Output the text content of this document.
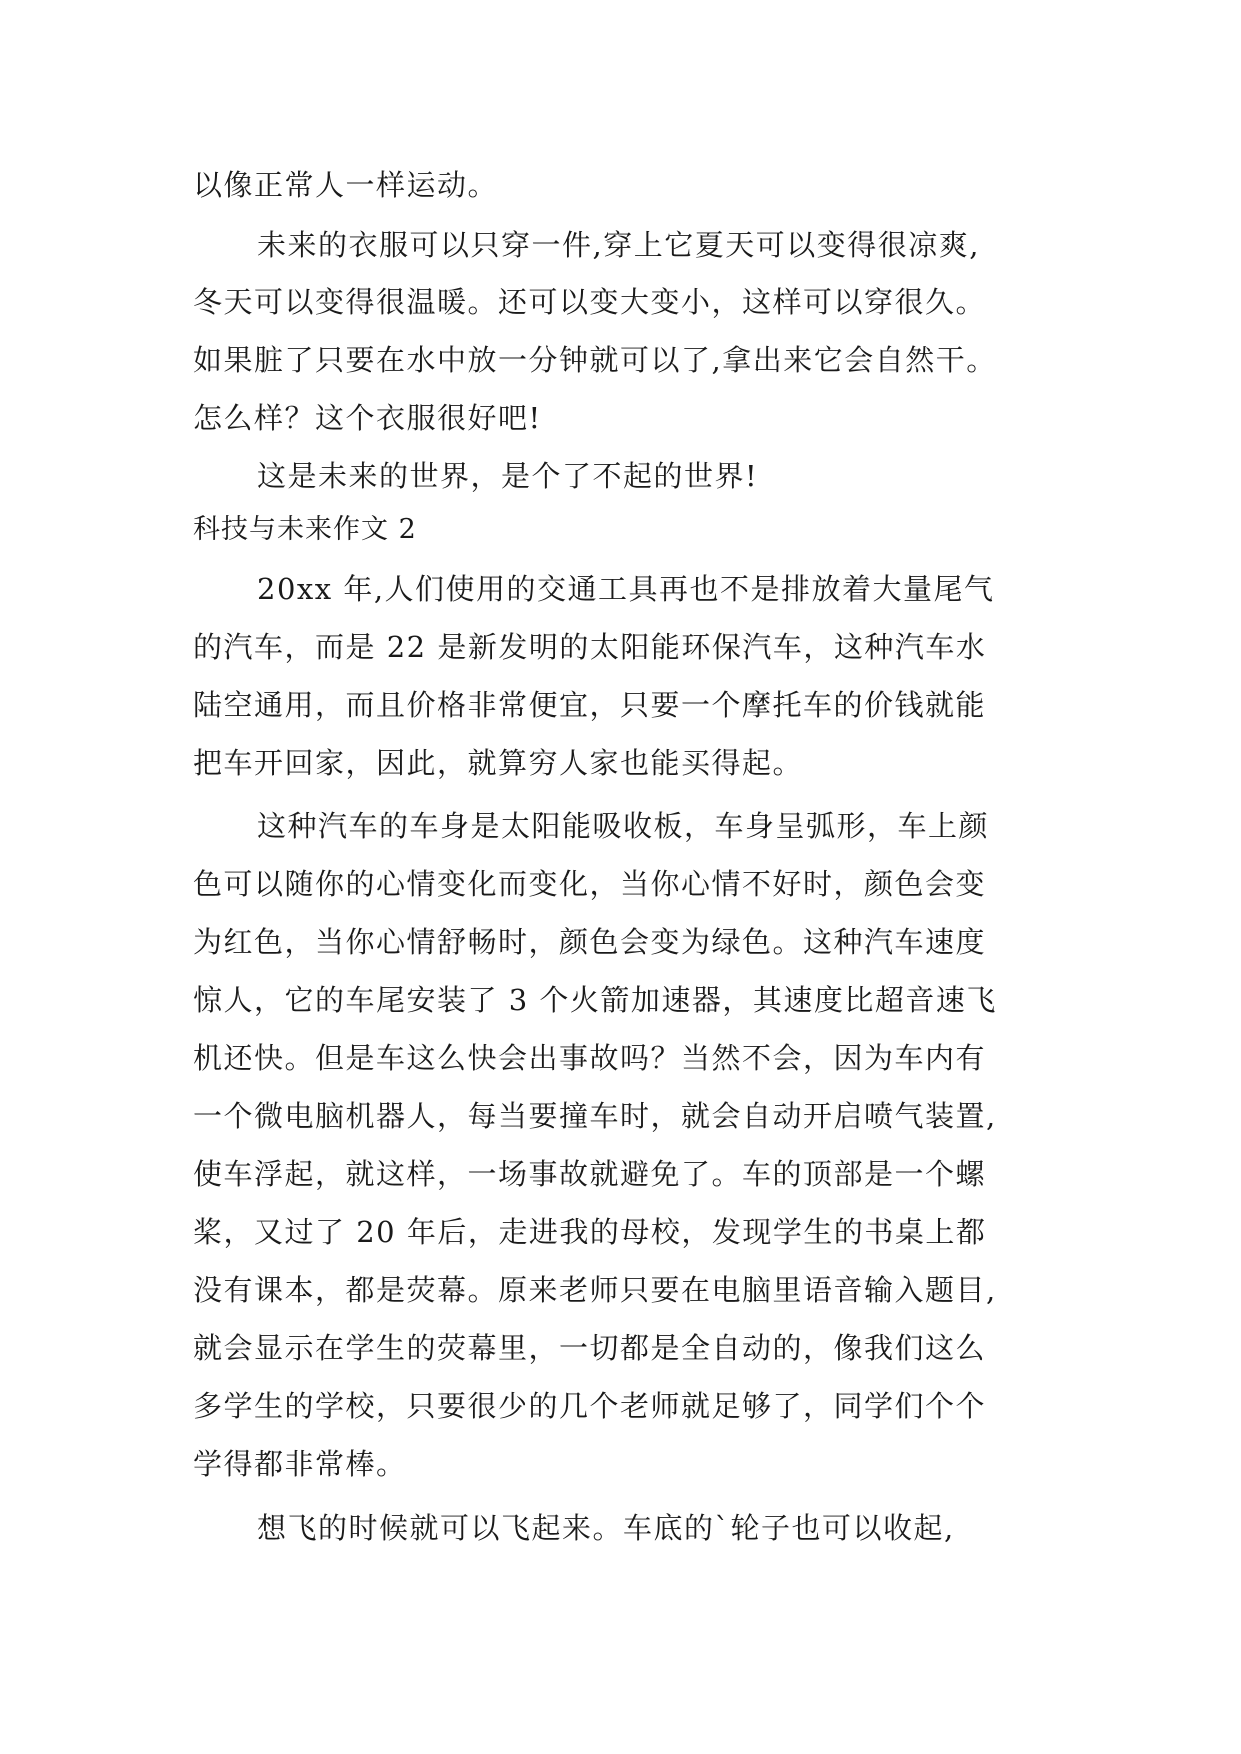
以像正常人一样运动。
未来的衣服可以只穿一件,穿上它夏天可以变得很凉爽,
冬天可以变得很温暖。还可以变大变小，这样可以穿很久。
如果脏了只要在水中放一分钟就可以了,拿出来它会自然干。
怎么样？这个衣服很好吧!
这是未来的世界，是个了不起的世界!
科技与未来作文 2
20xx 年,人们使用的交通工具再也不是排放着大量尾气
的汽车，而是 22 是新发明的太阳能环保汽车，这种汽车水
陆空通用，而且价格非常便宜，只要一个摩托车的价钱就能
把车开回家，因此，就算穷人家也能买得起。
这种汽车的车身是太阳能吸收板，车身呈弧形，车上颜
色可以随你的心情变化而变化，当你心情不好时，颜色会变
为红色，当你心情舒畅时，颜色会变为绿色。这种汽车速度
惊人，它的车尾安装了 3 个火箭加速器，其速度比超音速飞
机还快。但是车这么快会出事故吗？当然不会，因为车内有
一个微电脑机器人，每当要撞车时，就会自动开启喷气装置,
使车浮起，就这样，一场事故就避免了。车的顶部是一个螺
桨，又过了 20 年后，走进我的母校，发现学生的书桌上都
没有课本，都是荧幕。原来老师只要在电脑里语音输入题目,
就会显示在学生的荧幕里，一切都是全自动的，像我们这么
多学生的学校，只要很少的几个老师就足够了，同学们个个
学得都非常棒。
想飞的时候就可以飞起来。车底的`轮子也可以收起,
